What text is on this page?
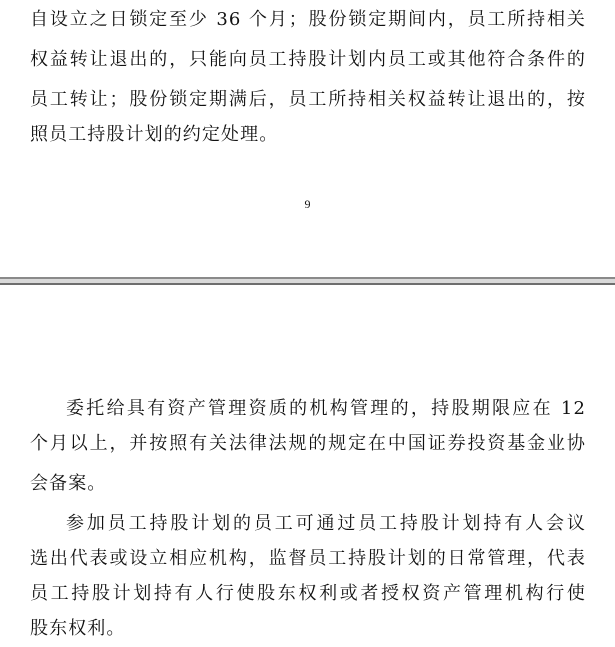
自设立之日锁定至少 36 个月；股份锁定期间内，员工所持相关
权益转让退出的，只能向员工持股计划内员工或其他符合条件的
员工转让；股份锁定期满后，员工所持相关权益转让退出的，按
照员工持股计划的约定处理。
9
委托给具有资产管理资质的机构管理的，持股期限应在 12
个月以上，并按照有关法律法规的规定在中国证券投资基金业协
会备案。
参加员工持股计划的员工可通过员工持股计划持有人会议
选出代表或设立相应机构，监督员工持股计划的日常管理，代表
员工持股计划持有人行使股东权利或者授权资产管理机构行使
股东权利。
